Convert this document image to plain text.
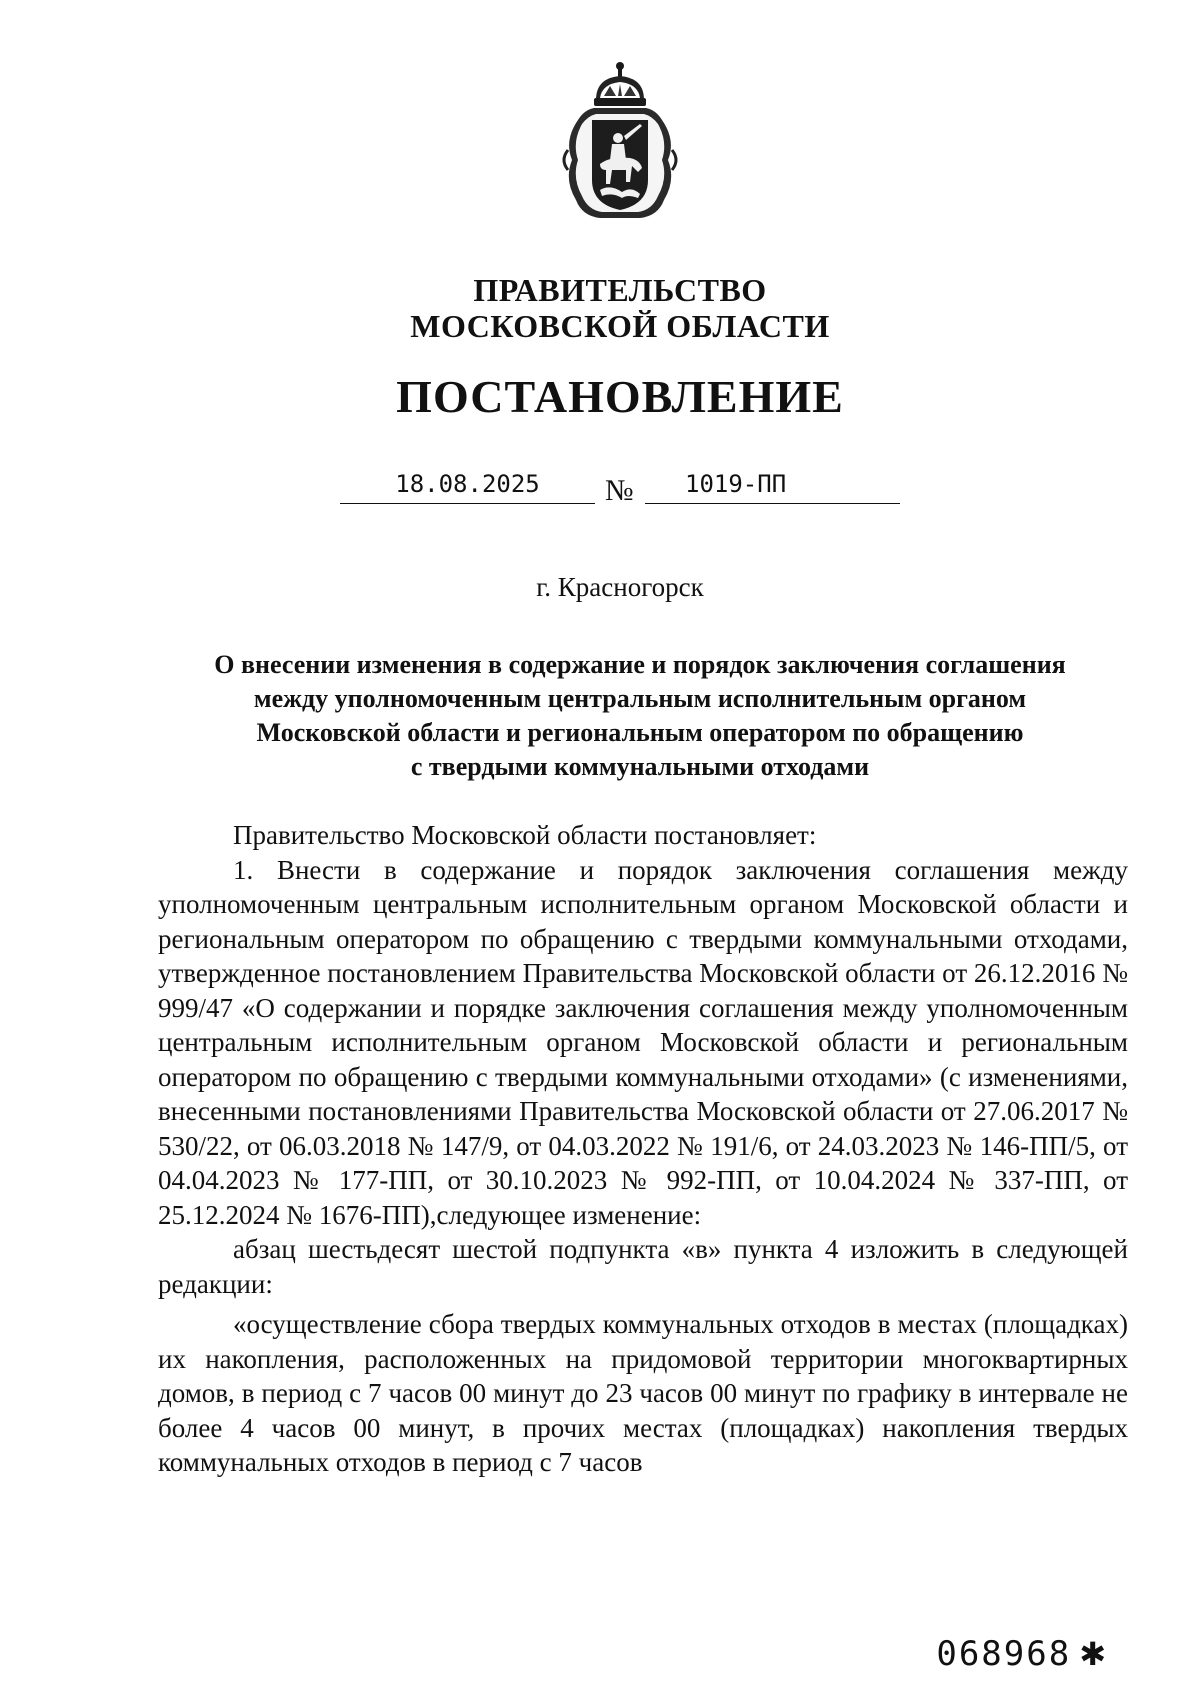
ПРАВИТЕЛЬСТВО
МОСКОВСКОЙ ОБЛАСТИ
ПОСТАНОВЛЕНИЕ
18.08.2025	№	1019-ПП
г. Красногорск
О внесении изменения в содержание и порядок заключения соглашения
между уполномоченным центральным исполнительным органом
Московской области и региональным оператором по обращению
с твердыми коммунальными отходами

Правительство Московской области постановляет:

1. Внести в содержание и порядок заключения соглашения между уполномоченным центральным исполнительным органом Московской области и региональным оператором по обращению с твердыми коммунальными отходами, утвержденное постановлением Правительства Московской области от 26.12.2016 № 999/47 «О содержании и порядке заключения соглашения между уполномоченным центральным исполнительным органом Московской области и региональным оператором по обращению с твердыми коммунальными отходами» (с изменениями, внесенными постановлениями Правительства Московской области от 27.06.2017 № 530/22, от 06.03.2018 № 147/9, от 04.03.2022 № 191/6, от 24.03.2023 № 146-ПП/5, от 04.04.2023 № 177-ПП, от 30.10.2023 № 992-ПП, от 10.04.2024 № 337-ПП, от 25.12.2024 № 1676-ПП),следующее изменение:

абзац шестьдесят шестой подпункта «в» пункта 4 изложить в следующей редакции:

«осуществление сбора твердых коммунальных отходов в местах (площадках) их накопления, расположенных на придомовой территории многоквартирных домов, в период с 7 часов 00 минут до 23 часов 00 минут по графику в интервале не более 4 часов 00 минут, в прочих местах (площадках) накопления твердых коммунальных отходов в период с 7 часов

068968 ✱
